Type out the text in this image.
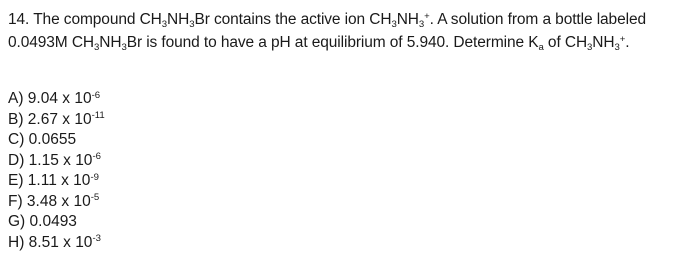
14. The compound $CH_3NH_3Br$ contains the active ion $CH_3NH_3^+$. A solution from a bottle labeled
0.0493M $CH_3NH_3Br$ is found to have a pH at equilibrium of 5.940. Determine $K_a$ of $CH_3NH_3^+$.
A) 9.04 x $10^{-6}$
B) 2.67 x $10^{-11}$
C) 0.0655
D) 1.15 x $10^{-6}$
E) 1.11 x $10^{-9}$
F) 3.48 x $10^{-5}$
G) 0.0493
H) 8.51 x $10^{-3}$
